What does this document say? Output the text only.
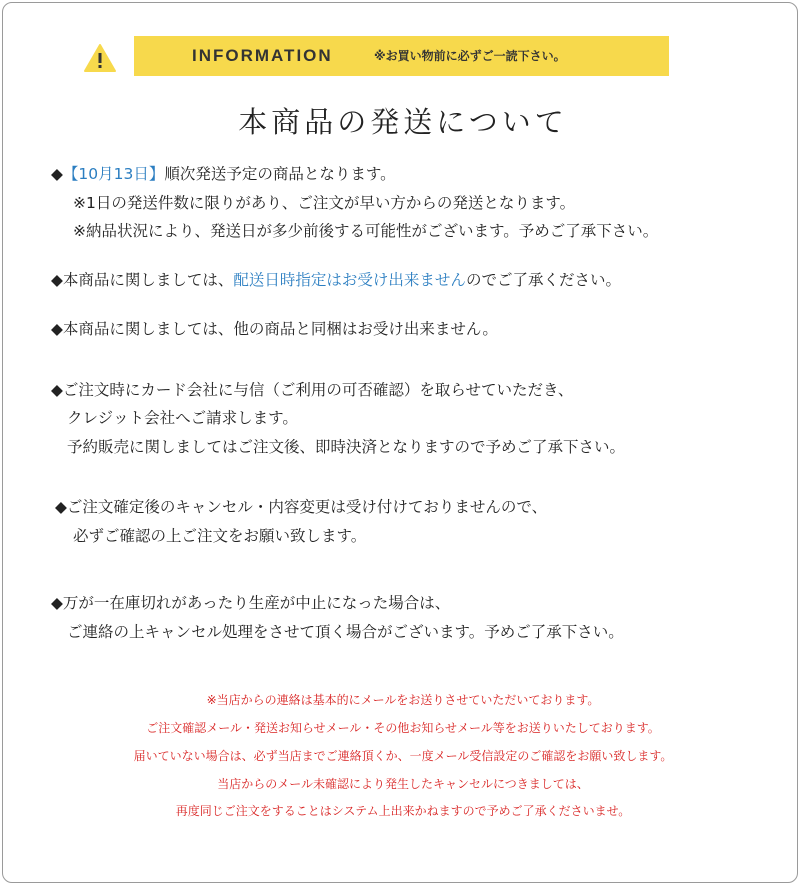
INFORMATION	※お買い物前に必ずご一読下さい。
本商品の発送について
◆【10月13日】順次発送予定の商品となります。
※1日の発送件数に限りがあり、ご注文が早い方からの発送となります。
※納品状況により、発送日が多少前後する可能性がございます。予めご了承下さい。
◆本商品に関しましては、配送日時指定はお受け出来ませんのでご了承ください。
◆本商品に関しましては、他の商品と同梱はお受け出来ません。
◆ご注文時にカード会社に与信（ご利用の可否確認）を取らせていただき、
クレジット会社へご請求します。
予約販売に関しましてはご注文後、即時決済となりますので予めご了承下さい。
◆ご注文確定後のキャンセル・内容変更は受け付けておりませんので、
必ずご確認の上ご注文をお願い致します。
◆万が一在庫切れがあったり生産が中止になった場合は、
ご連絡の上キャンセル処理をさせて頂く場合がございます。予めご了承下さい。
※当店からの連絡は基本的にメールをお送りさせていただいております。
ご注文確認メール・発送お知らせメール・その他お知らせメール等をお送りいたしております。
届いていない場合は、必ず当店までご連絡頂くか、一度メール受信設定のご確認をお願い致します。
当店からのメール未確認により発生したキャンセルにつきましては、
再度同じご注文をすることはシステム上出来かねますので予めご了承くださいませ。
